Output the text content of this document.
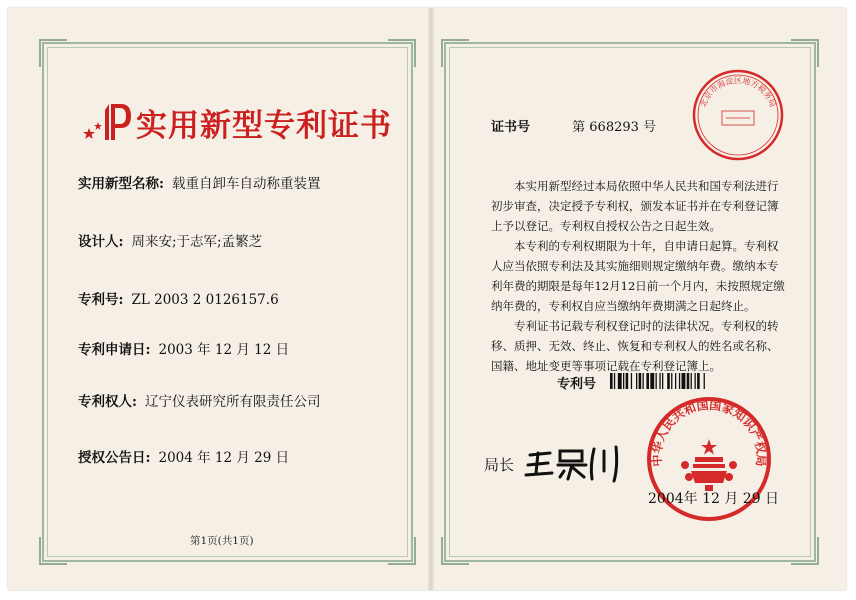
实用新型专利证书
实用新型名称: 载重自卸车自动称重装置
设计人: 周来安;于志军;孟繁芝
专利号: ZL 2003 2 0126157.6
专利申请日: 2003 年 12 月 12 日
专利权人: 辽宁仪表研究所有限责任公司
授权公告日: 2004 年 12 月 29 日
第1页(共1页)
证书号	第 668293 号
北京市海淀区地方税务局

本实用新型经过本局依照中华人民共和国专利法进行初步审查，决定授予专利权，颁发本证书并在专利登记簿上予以登记。专利权自授权公告之日起生效。

本专利的专利权期限为十年，自申请日起算。专利权人应当依照专利法及其实施细则规定缴纳年费。缴纳本专利年费的期限是每年12月12日前一个月内，未按照规定缴纳年费的，专利权自应当缴纳年费期满之日起终止。

专利证书记载专利权登记时的法律状况。专利权的转移、质押、无效、终止、恢复和专利权人的姓名或名称、国籍、地址变更等事项记载在专利登记簿上。

专利号
中华人民共和国国家知识产权局
局长
2004年 12 月 29 日
